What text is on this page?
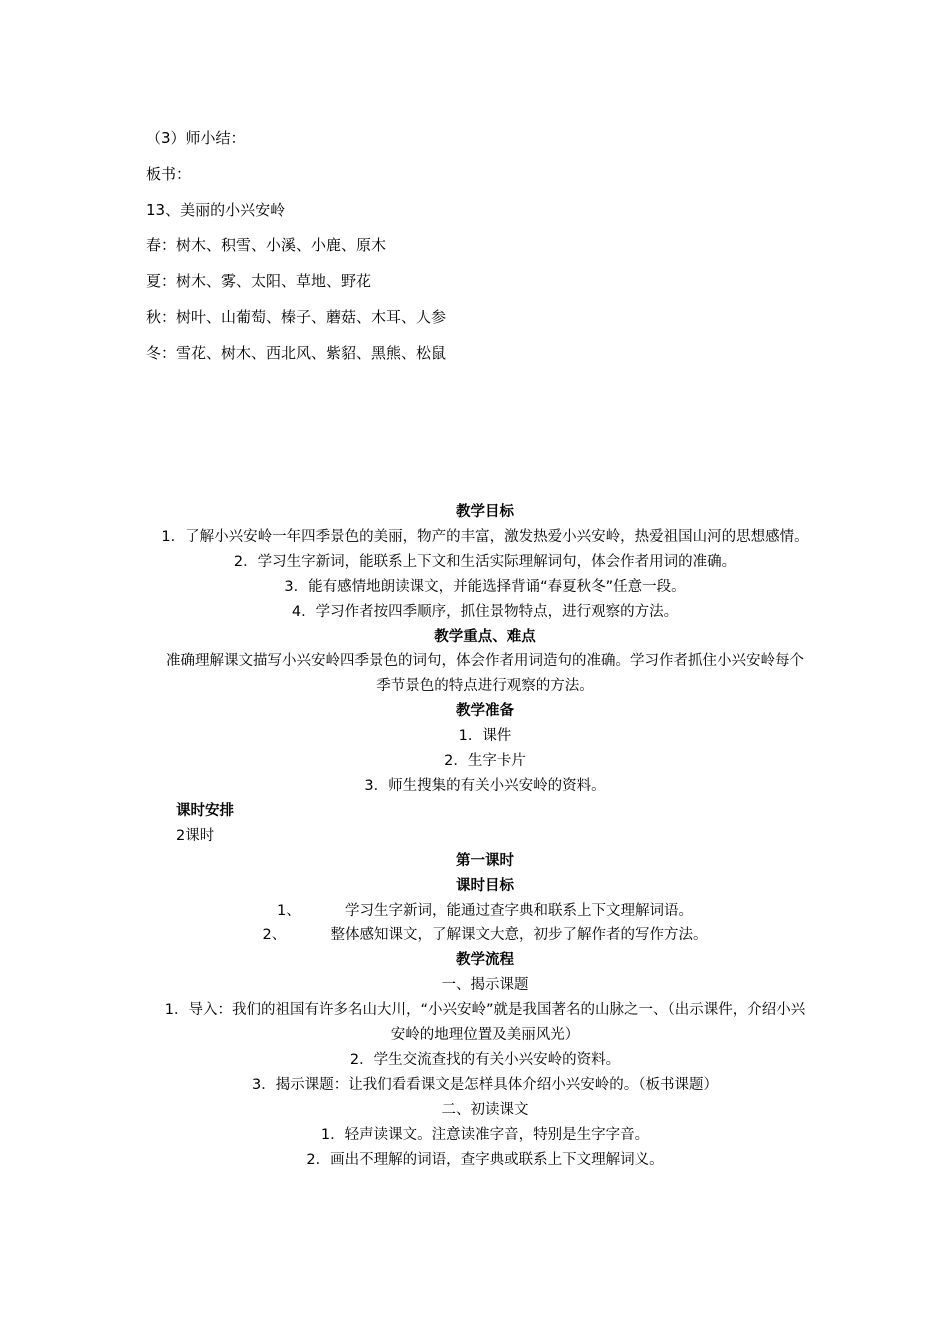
（3）师小结：

板书：

13、美丽的小兴安岭

春：树木、积雪、小溪、小鹿、原木

夏：树木、雾、太阳、草地、野花

秋：树叶、山葡萄、榛子、蘑菇、木耳、人参

冬：雪花、树木、西北风、紫貂、黑熊、松鼠

教学目标

1．了解小兴安岭一年四季景色的美丽，物产的丰富，激发热爱小兴安岭，热爱祖国山河的思想感情。

2．学习生字新词，能联系上下文和生活实际理解词句，体会作者用词的准确。

3．能有感情地朗读课文，并能选择背诵“春夏秋冬”任意一段。

4．学习作者按四季顺序，抓住景物特点，进行观察的方法。

教学重点、难点

准确理解课文描写小兴安岭四季景色的词句，体会作者用词造句的准确。学习作者抓住小兴安岭每个季节景色的特点进行观察的方法。

教学准备

1．课件

2．生字卡片

3．师生搜集的有关小兴安岭的资料。

课时安排

2课时

第一课时

课时目标

1、	学习生字新词，能通过查字典和联系上下文理解词语。

2、	整体感知课文，了解课文大意，初步了解作者的写作方法。

教学流程

一、揭示课题

1．导入：我们的祖国有许多名山大川，“小兴安岭”就是我国著名的山脉之一、（出示课件，介绍小兴安岭的地理位置及美丽风光）

2．学生交流查找的有关小兴安岭的资料。

3．揭示课题：让我们看看课文是怎样具体介绍小兴安岭的。（板书课题）

二、初读课文

1．轻声读课文。注意读准字音，特别是生字字音。

2．画出不理解的词语，查字典或联系上下文理解词义。
